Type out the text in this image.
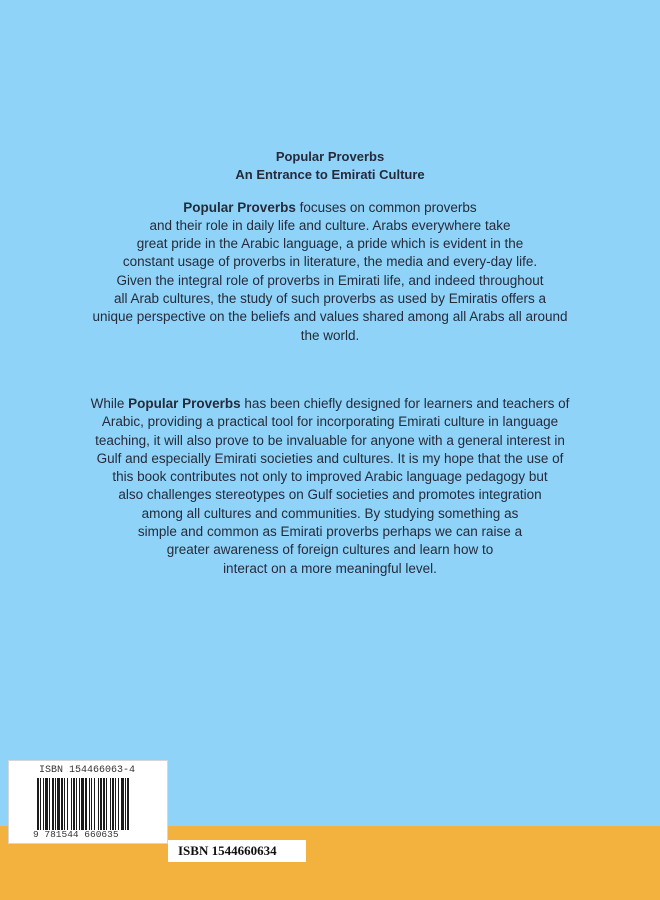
Popular Proverbs
An Entrance to Emirati Culture
Popular Proverbs focuses on common proverbs
and their role in daily life and culture. Arabs everywhere take
great pride in the Arabic language, a pride which is evident in the
constant usage of proverbs in literature, the media and every-day life.
Given the integral role of proverbs in Emirati life, and indeed throughout
all Arab cultures, the study of such proverbs as used by Emiratis offers a
unique perspective on the beliefs and values shared among all Arabs all around
the world.
While Popular Proverbs has been chiefly designed for learners and teachers of
Arabic, providing a practical tool for incorporating Emirati culture in language
teaching, it will also prove to be invaluable for anyone with a general interest in
Gulf and especially Emirati societies and cultures. It is my hope that the use of
this book contributes not only to improved Arabic language pedagogy but
also challenges stereotypes on Gulf societies and promotes integration
among all cultures and communities. By studying something as
simple and common as Emirati proverbs perhaps we can raise a
greater awareness of foreign cultures and learn how to
interact on a more meaningful level.
ISBN 154466063-4
9 781544 660635
ISBN 1544660634
